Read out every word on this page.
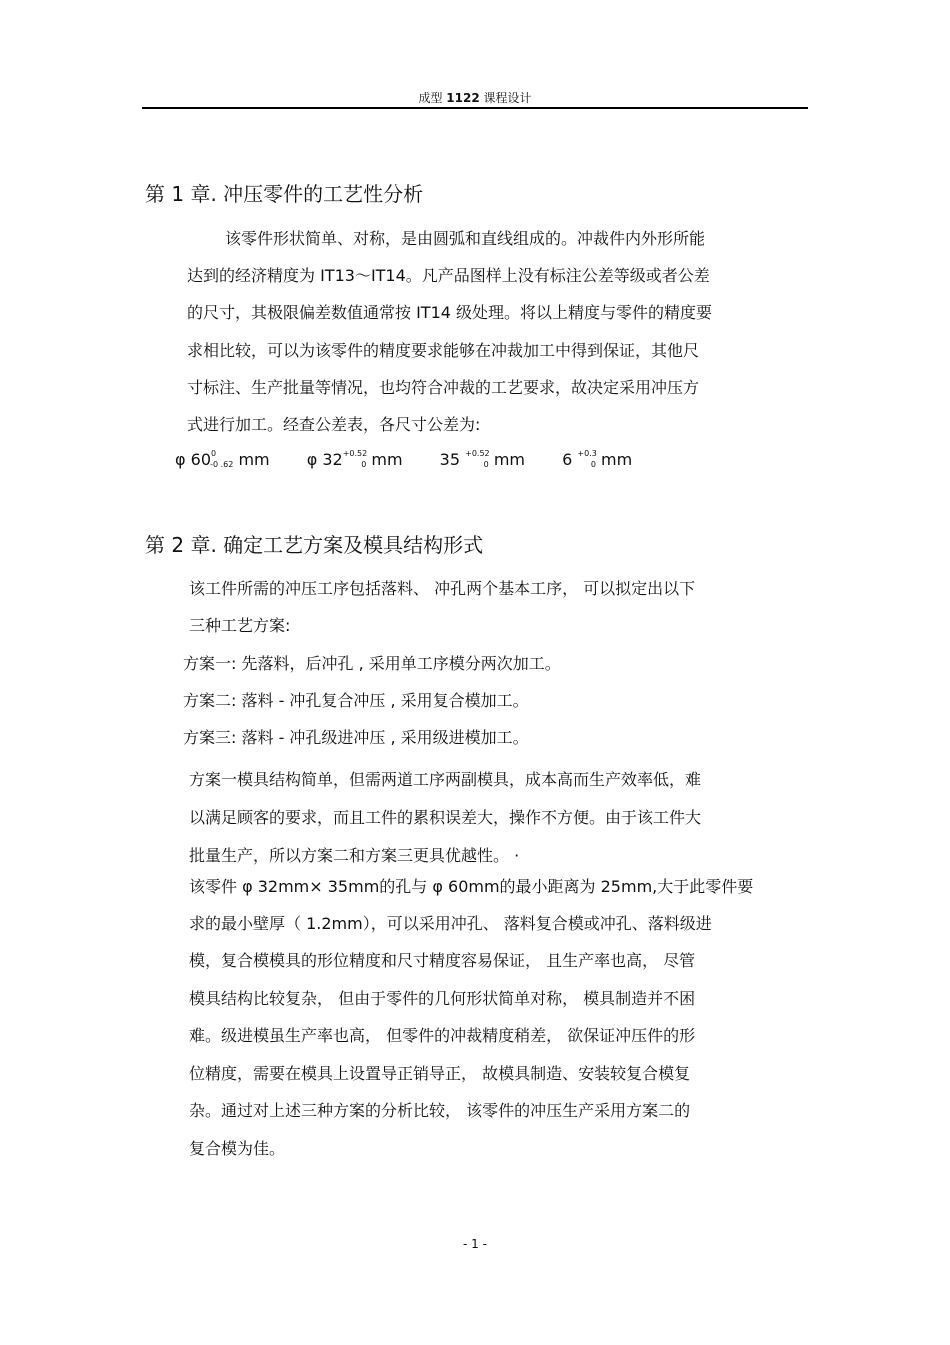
成型 1122 课程设计
第 1 章. 冲压零件的工艺性分析
该零件形状简单、对称，是由圆弧和直线组成的。冲裁件内外形所能
达到的经济精度为 IT13～IT14。凡产品图样上没有标注公差等级或者公差
的尺寸，其极限偏差数值通常按 IT14 级处理。将以上精度与零件的精度要
求相比较，可以为该零件的精度要求能够在冲裁加工中得到保证，其他尺
寸标注、生产批量等情况，也均符合冲裁的工艺要求，故决定采用冲压方
式进行加工。经查公差表，各尺寸公差为:
φ $60^0-0$ .62 mm φ $32^{+0.52}0$ mm 35 $^{+0.52}$0 mm 6 $^{+0.3}$0 mm
第 2 章. 确定工艺方案及模具结构形式
该工件所需的冲压工序包括落料、 冲孔两个基本工序， 可以拟定出以下
三种工艺方案:
方案一: 先落料，后冲孔 , 采用单工序模分两次加工。
方案二: 落料 - 冲孔复合冲压 , 采用复合模加工。
方案三: 落料 - 冲孔级进冲压 , 采用级进模加工。
方案一模具结构简单，但需两道工序两副模具，成本高而生产效率低，难
以满足顾客的要求，而且工件的累积误差大，操作不方便。由于该工件大
批量生产，所以方案二和方案三更具优越性。 ·
该零件 φ 32mm× 35mm的孔与 φ 60mm的最小距离为 25mm,大于此零件要
求的最小壁厚（ 1.2mm），可以采用冲孔、 落料复合模或冲孔、落料级进
模，复合模模具的形位精度和尺寸精度容易保证， 且生产率也高， 尽管
模具结构比较复杂， 但由于零件的几何形状简单对称， 模具制造并不困
难。级进模虽生产率也高， 但零件的冲裁精度稍差， 欲保证冲压件的形
位精度，需要在模具上设置导正销导正， 故模具制造、安装较复合模复
杂。通过对上述三种方案的分析比较， 该零件的冲压生产采用方案二的
复合模为佳。
- 1 -
